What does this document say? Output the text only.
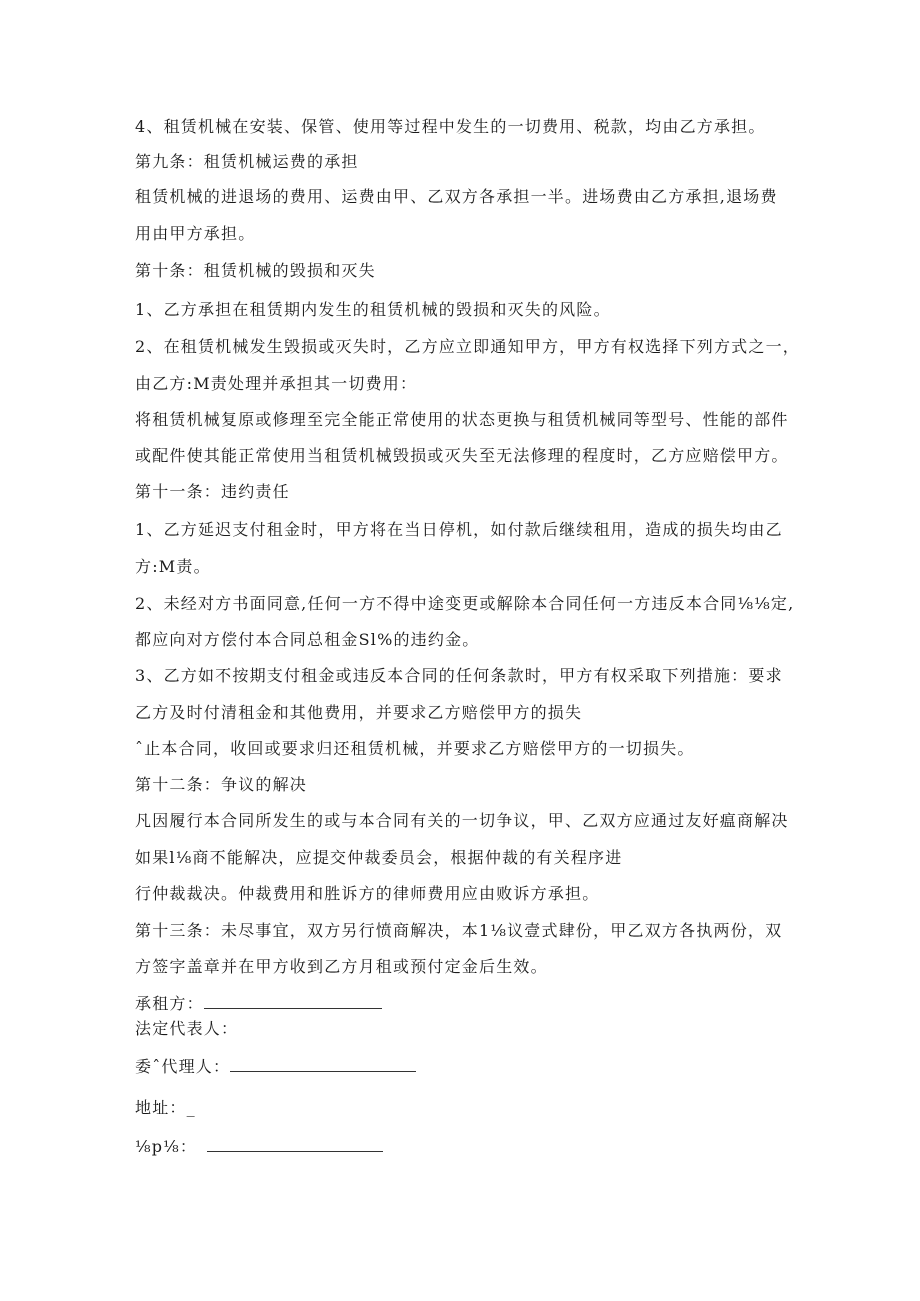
4、租赁机械在安装、保管、使用等过程中发生的一切费用、税款，均由乙方承担。
第九条：租赁机械运费的承担
租赁机械的进退场的费用、运费由甲、乙双方各承担一半。进场费由乙方承担,退场费
用由甲方承担。
第十条：租赁机械的毁损和灭失
1、乙方承担在租赁期内发生的租赁机械的毁损和灭失的风险。
2、在租赁机械发生毁损或灭失时，乙方应立即通知甲方，甲方有权选择下列方式之一，
由乙方:M责处理并承担其一切费用：
将租赁机械复原或修理至完全能正常使用的状态更换与租赁机械同等型号、性能的部件
或配件使其能正常使用当租赁机械毁损或灭失至无法修理的程度时，乙方应赔偿甲方。
第十一条：违约责任
1、乙方延迟支付租金时，甲方将在当日停机，如付款后继续租用，造成的损失均由乙
方:M责。
2、未经对方书面同意,任何一方不得中途变更或解除本合同任何一方违反本合同⅛⅛定,
都应向对方偿付本合同总租金Sl%的违约金。
3、乙方如不按期支付租金或违反本合同的任何条款时，甲方有权采取下列措施：要求
乙方及时付清租金和其他费用，并要求乙方赔偿甲方的损失
ˆ止本合同，收回或要求归还租赁机械，并要求乙方赔偿甲方的一切损失。
第十二条：争议的解决
凡因履行本合同所发生的或与本合同有关的一切争议，甲、乙双方应通过友好瘟商解决
如果l⅛商不能解决，应提交仲裁委员会，根据仲裁的有关程序进
行仲裁裁决。仲裁费用和胜诉方的律师费用应由败诉方承担。
第十三条：未尽事宜，双方另行愤商解决，本1⅛议壹式肆份，甲乙双方各执两份，双
方签字盖章并在甲方收到乙方月租或预付定金后生效。
承租方：
法定代表人：
委ˆ代理人：
地址：_
⅛p⅛：
